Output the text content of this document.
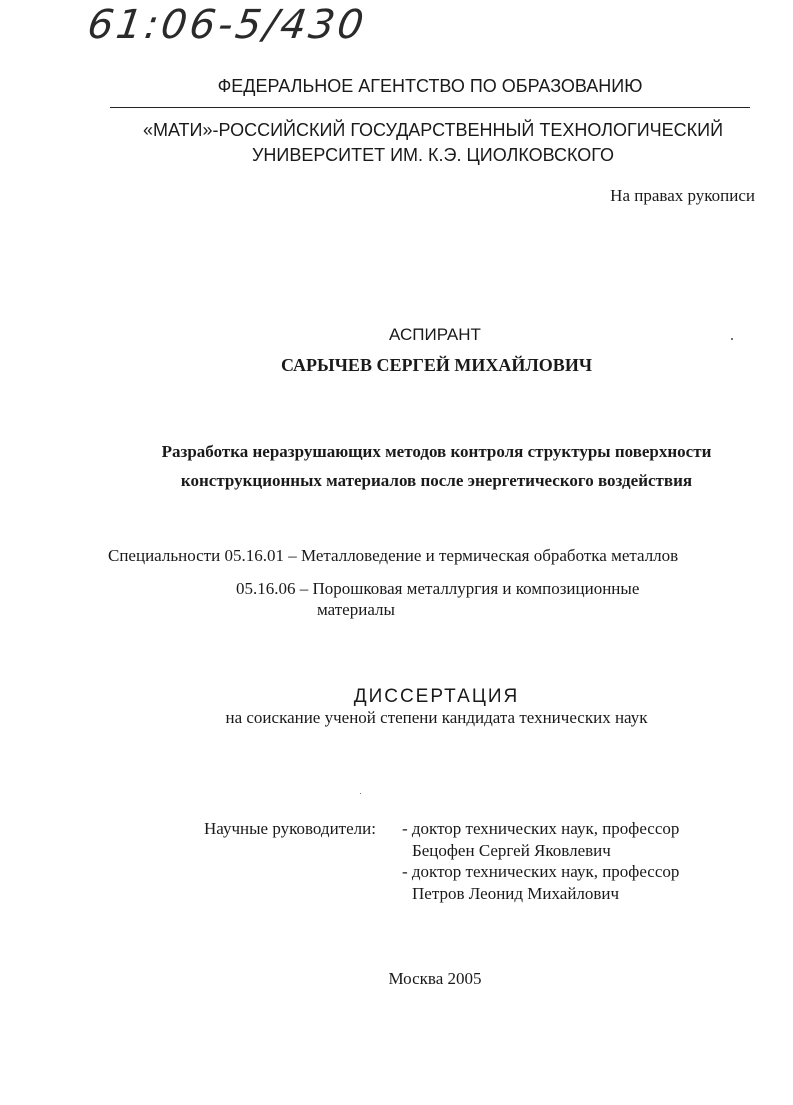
61:06-5/430
ФЕДЕРАЛЬНОЕ АГЕНТСТВО ПО ОБРАЗОВАНИЮ
«МАТИ»-РОССИЙСКИЙ ГОСУДАРСТВЕННЫЙ ТЕХНОЛОГИЧЕСКИЙ
УНИВЕРСИТЕТ ИМ. К.Э. ЦИОЛКОВСКОГО
На правах рукописи
АСПИРАНТ
САРЫЧЕВ СЕРГЕЙ МИХАЙЛОВИЧ
Разработка неразрушающих методов контроля структуры поверхности
конструкционных материалов после энергетического воздействия
Специальности 05.16.01 – Металловедение и термическая обработка металлов
05.16.06 – Порошковая металлургия и композиционные
материалы
ДИССЕРТАЦИЯ
на соискание ученой степени кандидата технических наук
Научные руководители: - доктор технических наук, профессор
Бецофен Сергей Яковлевич
- доктор технических наук, профессор
Петров Леонид Михайлович
Москва 2005
